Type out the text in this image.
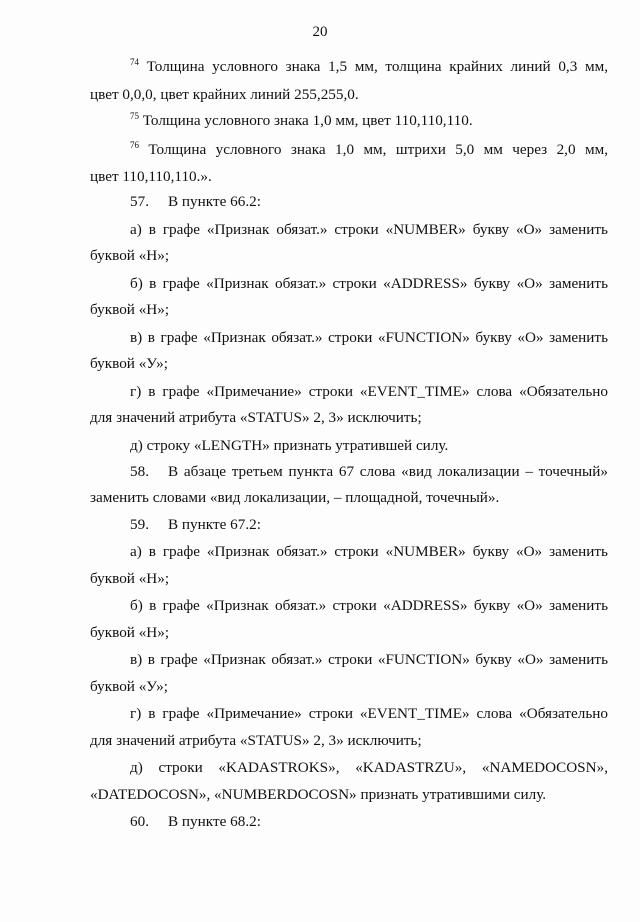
20
$^{74}$ Толщина условного знака 1,5 мм, толщина крайних линий 0,3 мм,
цвет 0,0,0, цвет крайних линий 255,255,0.
$^{75}$ Толщина условного знака 1,0 мм, цвет 110,110,110.
$^{76}$ Толщина условного знака 1,0 мм, штрихи 5,0 мм через 2,0 мм,
цвет 110,110,110.».
57. В пункте 66.2:
а) в графе «Признак обязат.» строки «NUMBER» букву «О» заменить
буквой «Н»;
б) в графе «Признак обязат.» строки «ADDRESS» букву «О» заменить
буквой «Н»;
в) в графе «Признак обязат.» строки «FUNCTION» букву «О» заменить
буквой «У»;
г) в графе «Примечание» строки «EVENT_TIME» слова «Обязательно
для значений атрибута «STATUS» 2, 3» исключить;
д) строку «LENGTH» признать утратившей силу.
58. В абзаце третьем пункта 67 слова «вид локализации – точечный»
заменить словами «вид локализации, – площадной, точечный».
59. В пункте 67.2:
а) в графе «Признак обязат.» строки «NUMBER» букву «О» заменить
буквой «Н»;
б) в графе «Признак обязат.» строки «ADDRESS» букву «О» заменить
буквой «Н»;
в) в графе «Признак обязат.» строки «FUNCTION» букву «О» заменить
буквой «У»;
г) в графе «Примечание» строки «EVENT_TIME» слова «Обязательно
для значений атрибута «STATUS» 2, 3» исключить;
д) строки «KADASTROKS», «KADASTRZU», «NAMEDOCOSN»,
«DATEDOCOSN», «NUMBERDOCOSN» признать утратившими силу.
60. В пункте 68.2:
